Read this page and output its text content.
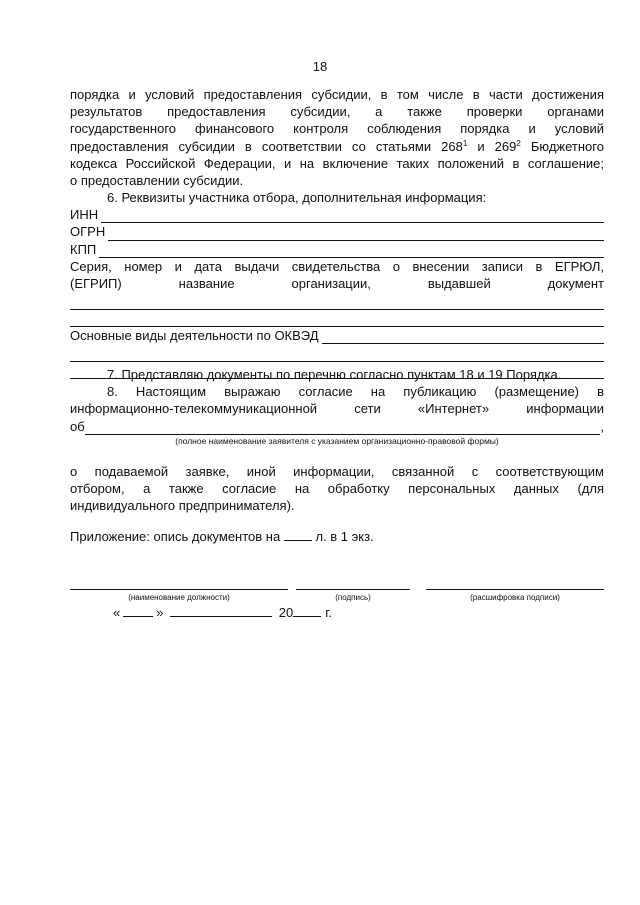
18
порядка и условий предоставления субсидии, в том числе в части достижения
результатов предоставления субсидии, а также проверки органами
государственного финансового контроля соблюдения порядка и условий
предоставления субсидии в соответствии со статьями $268^1$ и $269^2$ Бюджетного
кодекса Российской Федерации, и на включение таких положений в соглашение;
о предоставлении субсидии.
6. Реквизиты участника отбора, дополнительная информация:
ИНН
ОГРН
КПП
Серия, номер и дата выдачи свидетельства о внесении записи в ЕГРЮЛ,
(ЕГРИП) название организации, выдавшей документ
Основные виды деятельности по ОКВЭД
7. Представляю документы по перечню согласно пунктам 18 и 19 Порядка.
8. Настоящим выражаю согласие на публикацию (размещение) в
информационно-телекоммуникационной сети «Интернет» информации
об	,
(полное наименование заявителя с указанием организационно-правовой формы)
о подаваемой заявке, иной информации, связанной с соответствующим
отбором, а также согласие на обработку персональных данных (для
индивидуального предпринимателя).
Приложение: опись документов на	л. в 1 экз.
(наименование должности)	(подпись)	(расшифровка подписи)
«	»	20 г.
